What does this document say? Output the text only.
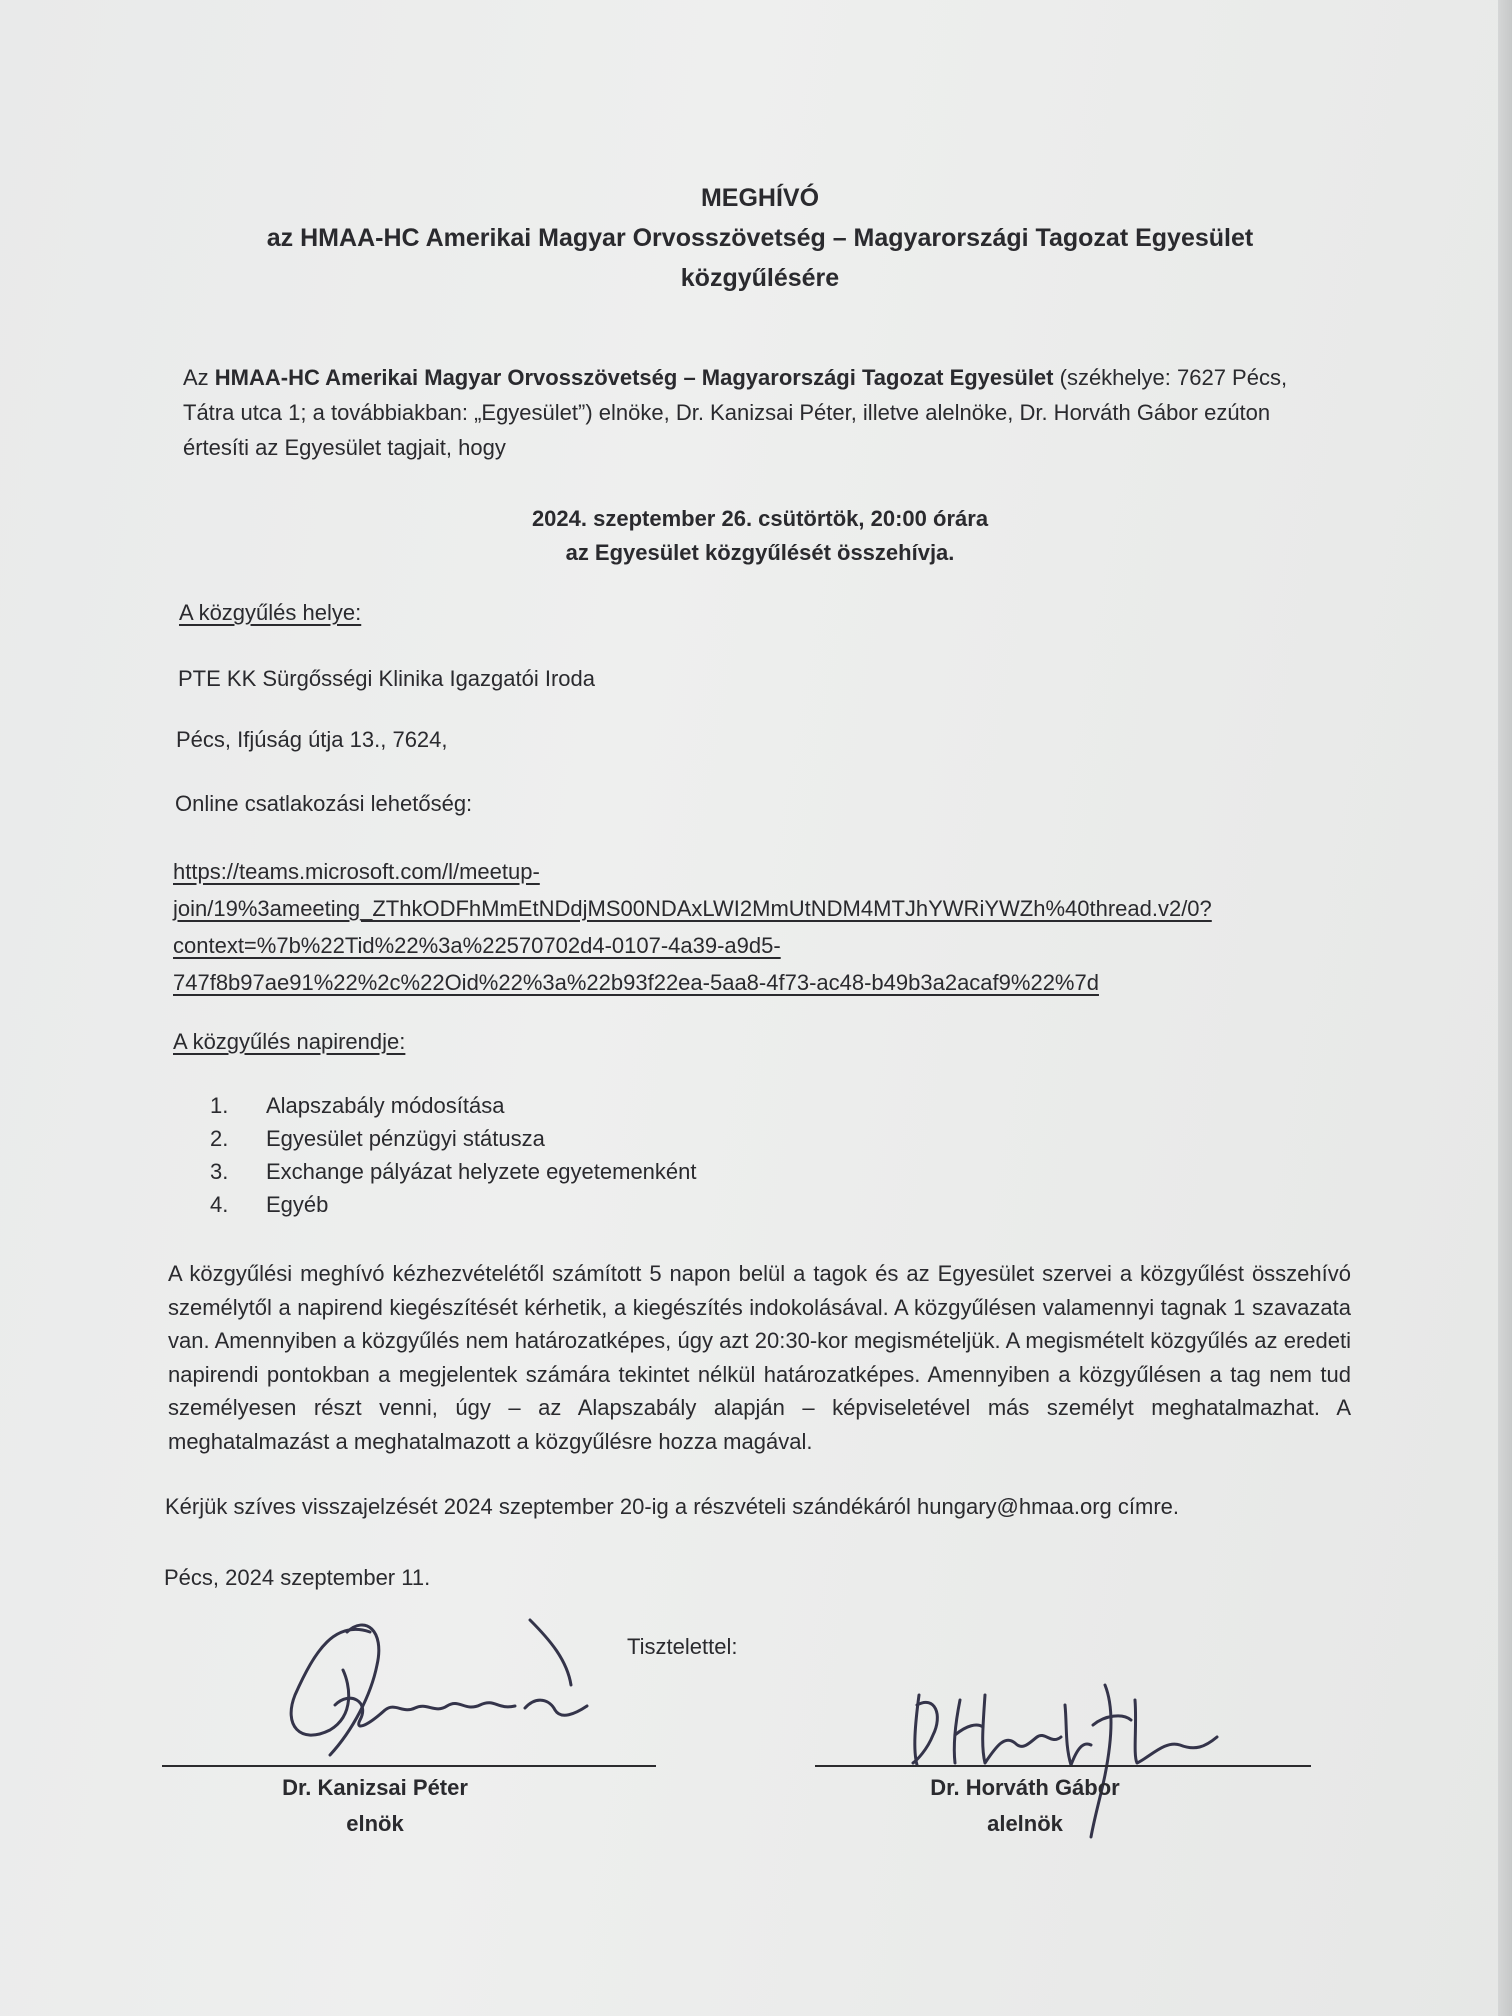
MEGHÍVÓ
az HMAA-HC Amerikai Magyar Orvosszövetség – Magyarországi Tagozat Egyesület
közgyűlésére
Az HMAA-HC Amerikai Magyar Orvosszövetség – Magyarországi Tagozat Egyesület (székhelye: 7627 Pécs, Tátra utca 1; a továbbiakban: „Egyesület”) elnöke, Dr. Kanizsai Péter, illetve alelnöke, Dr. Horváth Gábor ezúton értesíti az Egyesület tagjait, hogy
2024. szeptember 26. csütörtök, 20:00 órára
az Egyesület közgyűlését összehívja.
A közgyűlés helye:
PTE KK Sürgősségi Klinika Igazgatói Iroda
Pécs, Ifjúság útja 13., 7624,
Online csatlakozási lehetőség:
https://teams.microsoft.com/l/meetup-
join/19%3ameeting_ZThkODFhMmEtNDdjMS00NDAxLWI2MmUtNDM4MTJhYWRiYWZh%40thread.v2/0?
context=%7b%22Tid%22%3a%22570702d4-0107-4a39-a9d5-
747f8b97ae91%22%2c%22Oid%22%3a%22b93f22ea-5aa8-4f73-ac48-b49b3a2acaf9%22%7d
A közgyűlés napirendje:
1.	Alapszabály módosítása
2.	Egyesület pénzügyi státusza
3.	Exchange pályázat helyzete egyetemenként
4.	Egyéb
A közgyűlési meghívó kézhezvételétől számított 5 napon belül a tagok és az Egyesület szervei a közgyűlést összehívó személytől a napirend kiegészítését kérhetik, a kiegészítés indokolásával. A közgyűlésen valamennyi tagnak 1 szavazata van. Amennyiben a közgyűlés nem határozatképes, úgy azt 20:30-kor megismételjük. A megismételt közgyűlés az eredeti napirendi pontokban a megjelentek számára tekintet nélkül határozatképes. Amennyiben a közgyűlésen a tag nem tud személyesen részt venni, úgy – az Alapszabály alapján – képviseletével más személyt meghatalmazhat. A meghatalmazást a meghatalmazott a közgyűlésre hozza magával.
Kérjük szíves visszajelzését 2024 szeptember 20-ig a részvételi szándékáról hungary@hmaa.org címre.
Pécs, 2024 szeptember 11.
Tisztelettel:
Dr. Kanizsai Péter
elnök
Dr. Horváth Gábor
alelnök
